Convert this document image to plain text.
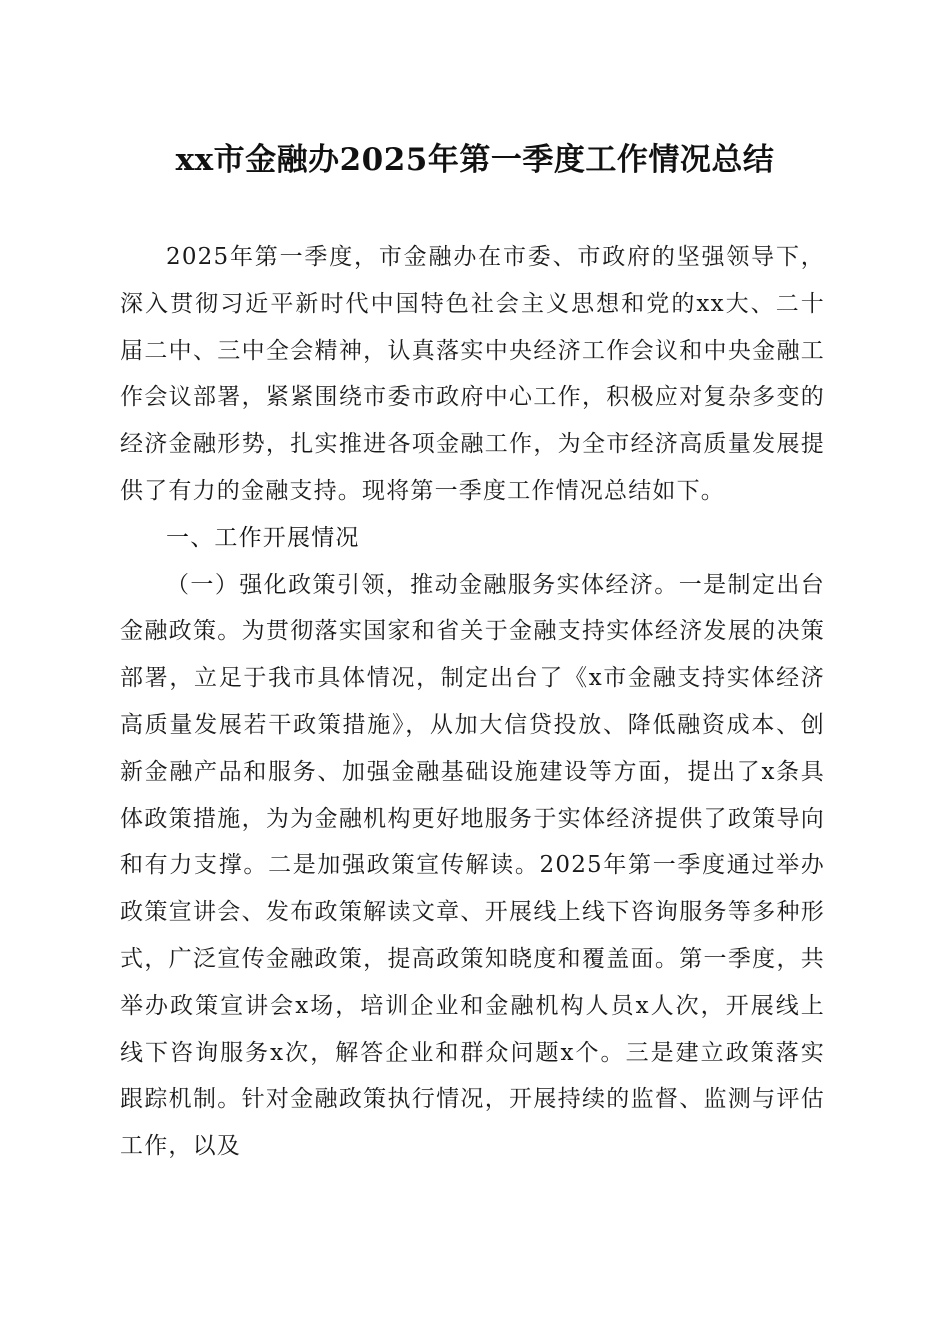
xx市金融办2025年第一季度工作情况总结

2025年第一季度，市金融办在市委、市政府的坚强领导下，深入贯彻习近平新时代中国特色社会主义思想和党的xx大、二十届二中、三中全会精神，认真落实中央经济工作会议和中央金融工作会议部署，紧紧围绕市委市政府中心工作，积极应对复杂多变的经济金融形势，扎实推进各项金融工作，为全市经济高质量发展提供了有力的金融支持。现将第一季度工作情况总结如下。

一、工作开展情况

（一）强化政策引领，推动金融服务实体经济。一是制定出台金融政策。为贯彻落实国家和省关于金融支持实体经济发展的决策部署，立足于我市具体情况，制定出台了《x市金融支持实体经济高质量发展若干政策措施》，从加大信贷投放、降低融资成本、创新金融产品和服务、加强金融基础设施建设等方面，提出了x条具体政策措施，为为金融机构更好地服务于实体经济提供了政策导向和有力支撑。二是加强政策宣传解读。2025年第一季度通过举办政策宣讲会、发布政策解读文章、开展线上线下咨询服务等多种形式，广泛宣传金融政策，提高政策知晓度和覆盖面。第一季度，共举办政策宣讲会x场，培训企业和金融机构人员x人次，开展线上线下咨询服务x次，解答企业和群众问题x个。三是建立政策落实跟踪机制。针对金融政策执行情况，开展持续的监督、监测与评估工作，以及
